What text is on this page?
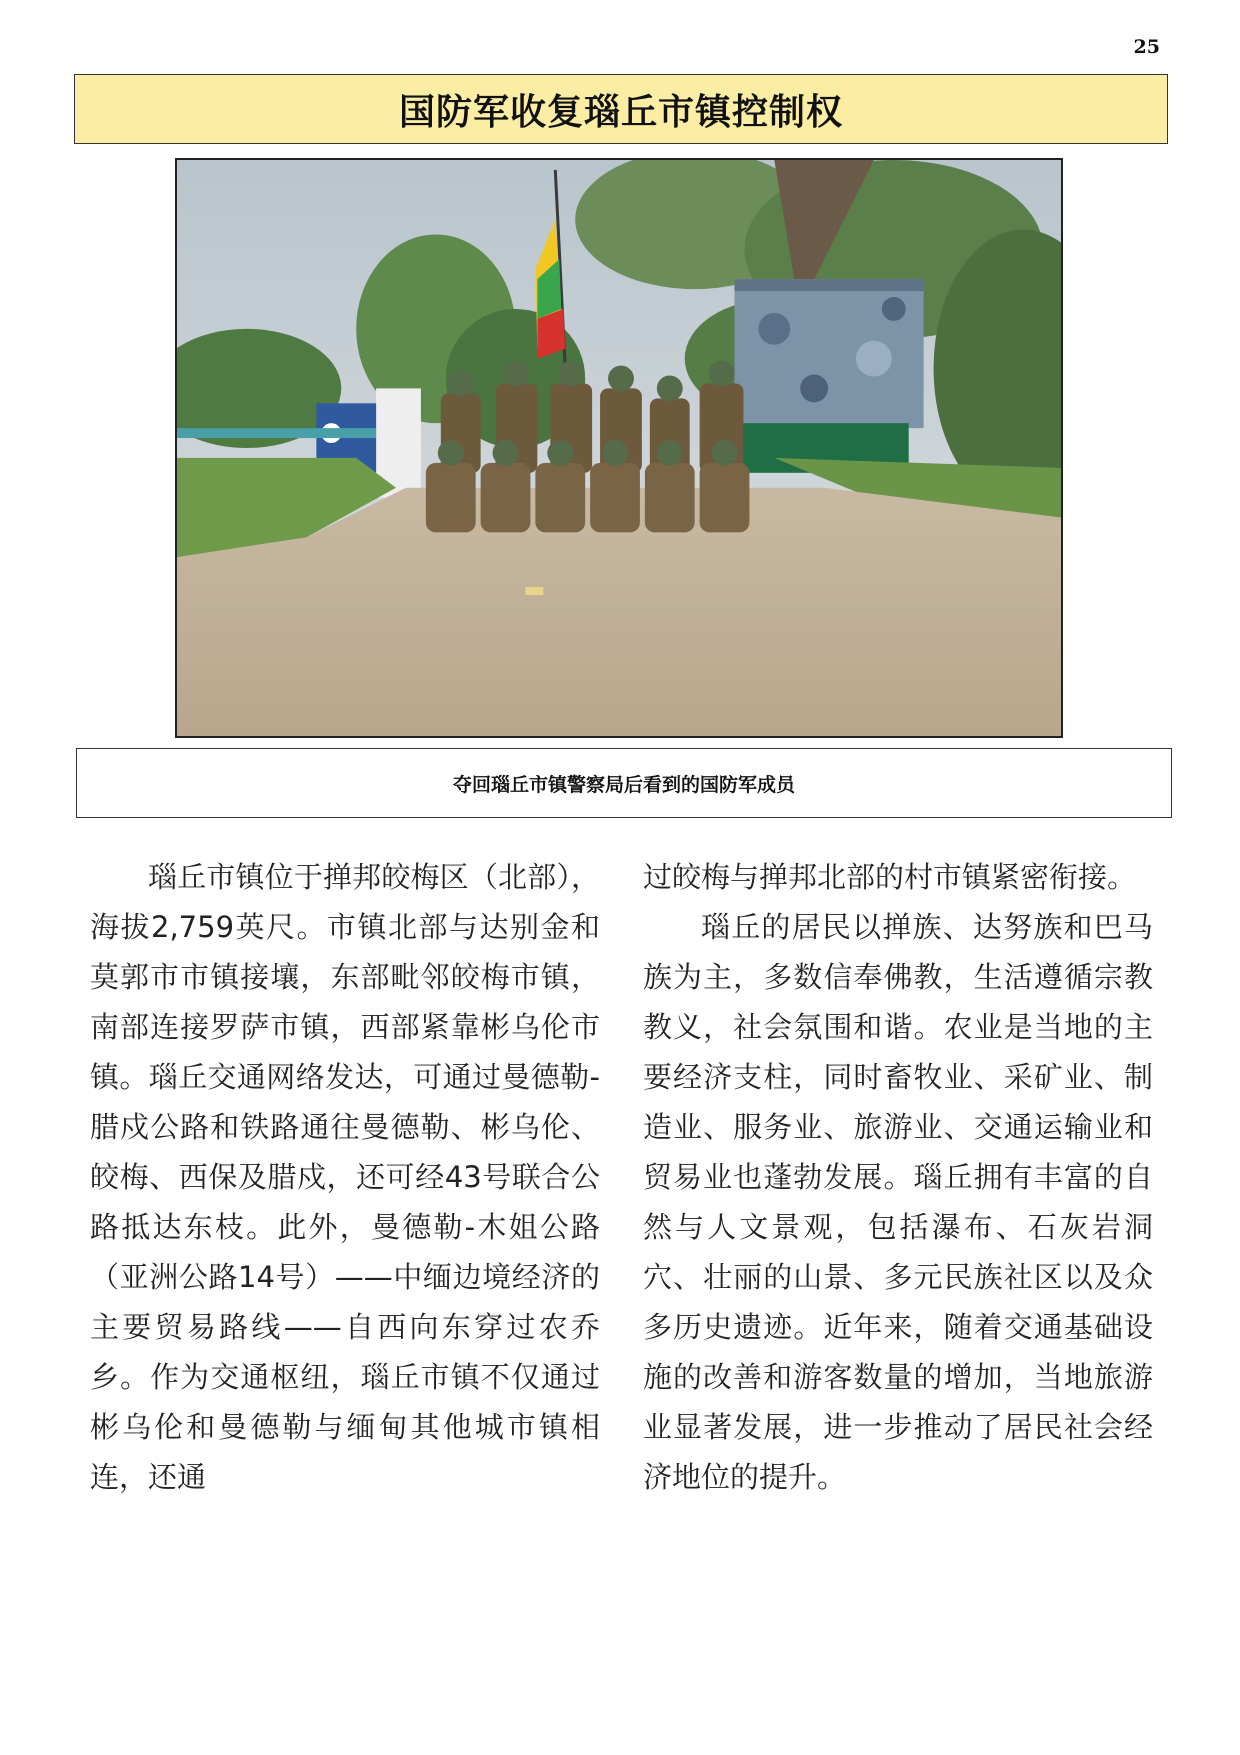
25
国防军收复瑙丘市镇控制权
夺回瑙丘市镇警察局后看到的国防军成员

瑙丘市镇位于掸邦皎梅区（北部），海拔2,759英尺。市镇北部与达别金和莫郭市市镇接壤，东部毗邻皎梅市镇，南部连接罗萨市镇，西部紧靠彬乌伦市镇。瑙丘交通网络发达，可通过曼德勒-腊戍公路和铁路通往曼德勒、彬乌伦、皎梅、西保及腊戍，还可经43号联合公路抵达东枝。此外，曼德勒-木姐公路（亚洲公路14号）——中缅边境经济的主要贸易路线——自西向东穿过农乔乡。作为交通枢纽，瑙丘市镇不仅通过彬乌伦和曼德勒与缅甸其他城市镇相连，还通

过皎梅与掸邦北部的村市镇紧密衔接。

瑙丘的居民以掸族、达努族和巴马族为主，多数信奉佛教，生活遵循宗教教义，社会氛围和谐。农业是当地的主要经济支柱，同时畜牧业、采矿业、制造业、服务业、旅游业、交通运输业和贸易业也蓬勃发展。瑙丘拥有丰富的自然与人文景观，包括瀑布、石灰岩洞穴、壮丽的山景、多元民族社区以及众多历史遗迹。近年来，随着交通基础设施的改善和游客数量的增加，当地旅游业显著发展，进一步推动了居民社会经济地位的提升。
